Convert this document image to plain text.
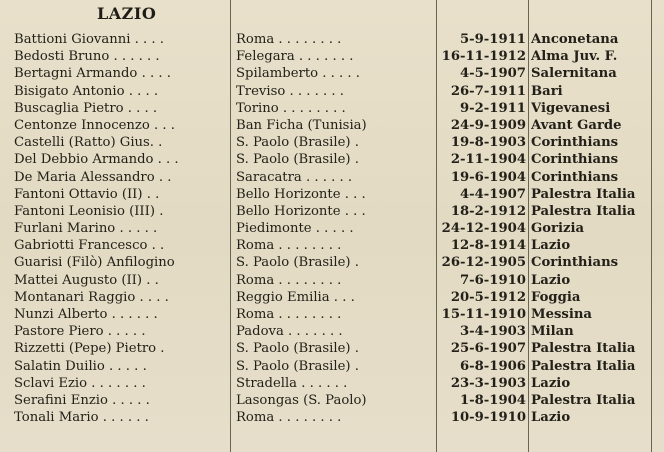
LAZIO
Battioni Giovanni . . . .	Roma . . . . . . . .	5-9-1911 Anconetana
Bedosti Bruno . . . . . .	Felegara . . . . . . .	16-11-1912 Alma Juv. F.
Bertagni Armando . . . .	Spilamberto . . . . .	4-5-1907 Salernitana
Bisigato Antonio . . . .	Treviso . . . . . . .	26-7-1911 Bari
Buscaglia Pietro . . . .	Torino . . . . . . . .	9-2-1911 Vigevanesi
Centonze Innocenzo . . .	Ban Ficha (Tunisia)	24-9-1909 Avant Garde
Castelli (Ratto) Gius. .	S. Paolo (Brasile) .	19-8-1903 Corinthians
Del Debbio Armando . . .	S. Paolo (Brasile) .	2-11-1904 Corinthians
De Maria Alessandro . .	Saracatra . . . . . .	19-6-1904 Corinthians
Fantoni Ottavio (II) . .	Bello Horizonte . . .	4-4-1907 Palestra Italia
Fantoni Leonisio (III) .	Bello Horizonte . . .	18-2-1912 Palestra Italia
Furlani Marino . . . . .	Piedimonte . . . . .	24-12-1904 Gorizia
Gabriotti Francesco . .	Roma . . . . . . . .	12-8-1914 Lazio
Guarisi (Filò) Anfilogino	S. Paolo (Brasile) .	26-12-1905 Corinthians
Mattei Augusto (II) . .	Roma . . . . . . . .	7-6-1910 Lazio
Montanari Raggio . . . .	Reggio Emilia . . .	20-5-1912 Foggia
Nunzi Alberto . . . . . .	Roma . . . . . . . .	15-11-1910 Messina
Pastore Piero . . . . .	Padova . . . . . . .	3-4-1903 Milan
Rizzetti (Pepe) Pietro .	S. Paolo (Brasile) .	25-6-1907 Palestra Italia
Salatin Duilio . . . . .	S. Paolo (Brasile) .	6-8-1906 Palestra Italia
Sclavi Ezio . . . . . . .	Stradella . . . . . .	23-3-1903 Lazio
Serafini Enzio . . . . .	Lasongas (S. Paolo)	1-8-1904 Palestra Italia
Tonali Mario . . . . . .	Roma . . . . . . . .	10-9-1910 Lazio
